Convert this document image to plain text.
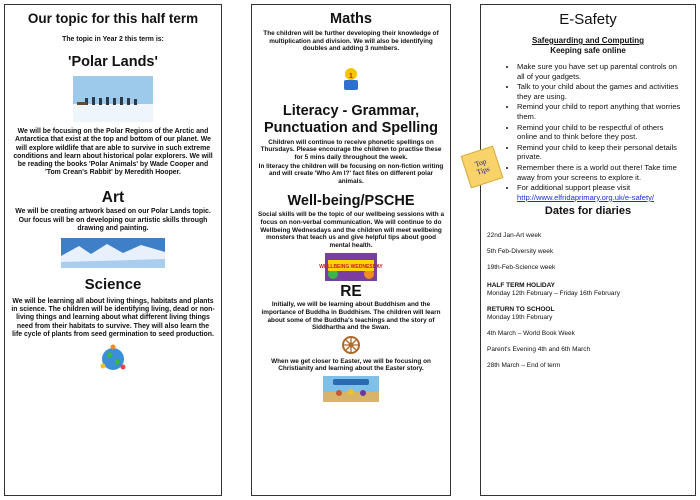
Our topic for this half term
The topic in Year 2 this term is:
'Polar Lands'
We will be focusing on the Polar Regions of the Arctic and Antarctica that exist at the top and bottom of our planet. We will explore wildlife that are able to survive in such extreme conditions and learn about historical polar explorers. We will be reading the books 'Polar Animals' by Wade Cooper and 'Tom Crean's Rabbit' by Meredith Hooper.
Art
We will be creating artwork based on our Polar Lands topic. Our focus will be on developing our artistic skills through drawing and painting.
Science
We will be learning all about living things, habitats and plants in science. The children will be identifying living, dead or non-living things and learning about what different living things need from their habitats to survive. They will also learn the life cycle of plants from seed germination to seed production.
Maths
The children will be further developing their knowledge of multiplication and division. We will also be identifying doubles and adding 3 numbers.
1
Literacy - Grammar, Punctuation and Spelling
Children will continue to receive phonetic spellings on Thursdays. Please encourage the children to practise these for 5 mins daily throughout the week.
In literacy the children will be focusing on non-fiction writing and will create 'Who Am I?' fact files on different polar animals.
Well-being/PSCHE
Social skills will be the topic of our wellbeing sessions with a focus on non-verbal communication. We will continue to do Wellbeing Wednesdays and the children will meet wellbeing monsters that teach us and give helpful tips about good mental health.
WELLBEING WEDNESDAY
RE
Initially, we will be learning about Buddhism and the importance of Buddha in Buddhism. The children will learn about some of the Buddha's teachings and the story of Siddhartha and the Swan.
When we get closer to Easter, we will be focusing on Christianity and learning about the Easter story.
E-Safety
Safeguarding and Computing
Keeping safe online
• Make sure you have set up parental controls on all of your gadgets.
• Talk to your child about the games and activities they are using.
• Remind your child to report anything that worries them.
• Remind your child to be respectful of others online and to think before they post.
• Remind your child to keep their personal details private.
• Remember there is a world out there! Take time away from your screens to explore it.
• For additional support please visit http://www.elfridaprimary.org.uk/e-safety/
Dates for diaries
22nd Jan-Art week
5th Feb-Diversity week
19th-Feb-Science week
HALF TERM HOLIDAY
Monday 12th February – Friday 16th February
RETURN TO SCHOOL
Monday 19th February
4th March – World Book Week
Parent's Evening 4th and 6th March
28th March – End of term
Top Tips
